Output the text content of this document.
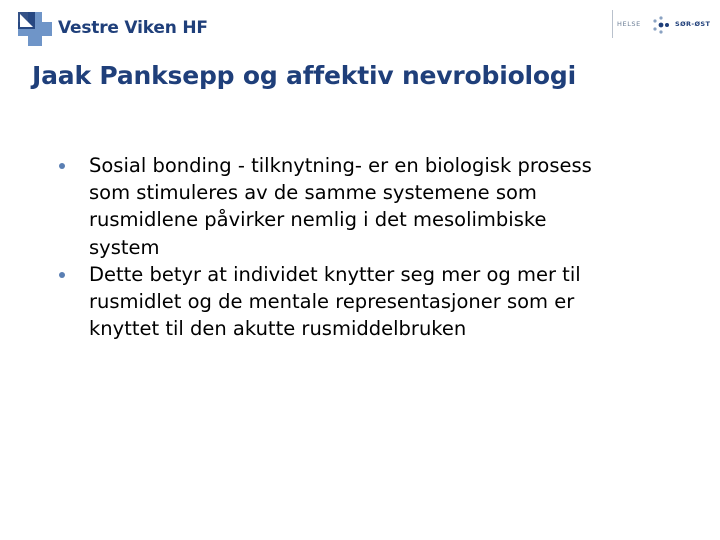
Vestre Viken HF	HELSE	SØR-ØST
Jaak Panksepp og affektiv nevrobiologi
Sosial bonding - tilknytning- er en biologisk prosess som stimuleres av de samme systemene som rusmidlene påvirker nemlig i det mesolimbiske system
Dette betyr at individet knytter seg mer og mer til rusmidlet og de mentale representasjoner som er knyttet til den akutte rusmiddelbruken
